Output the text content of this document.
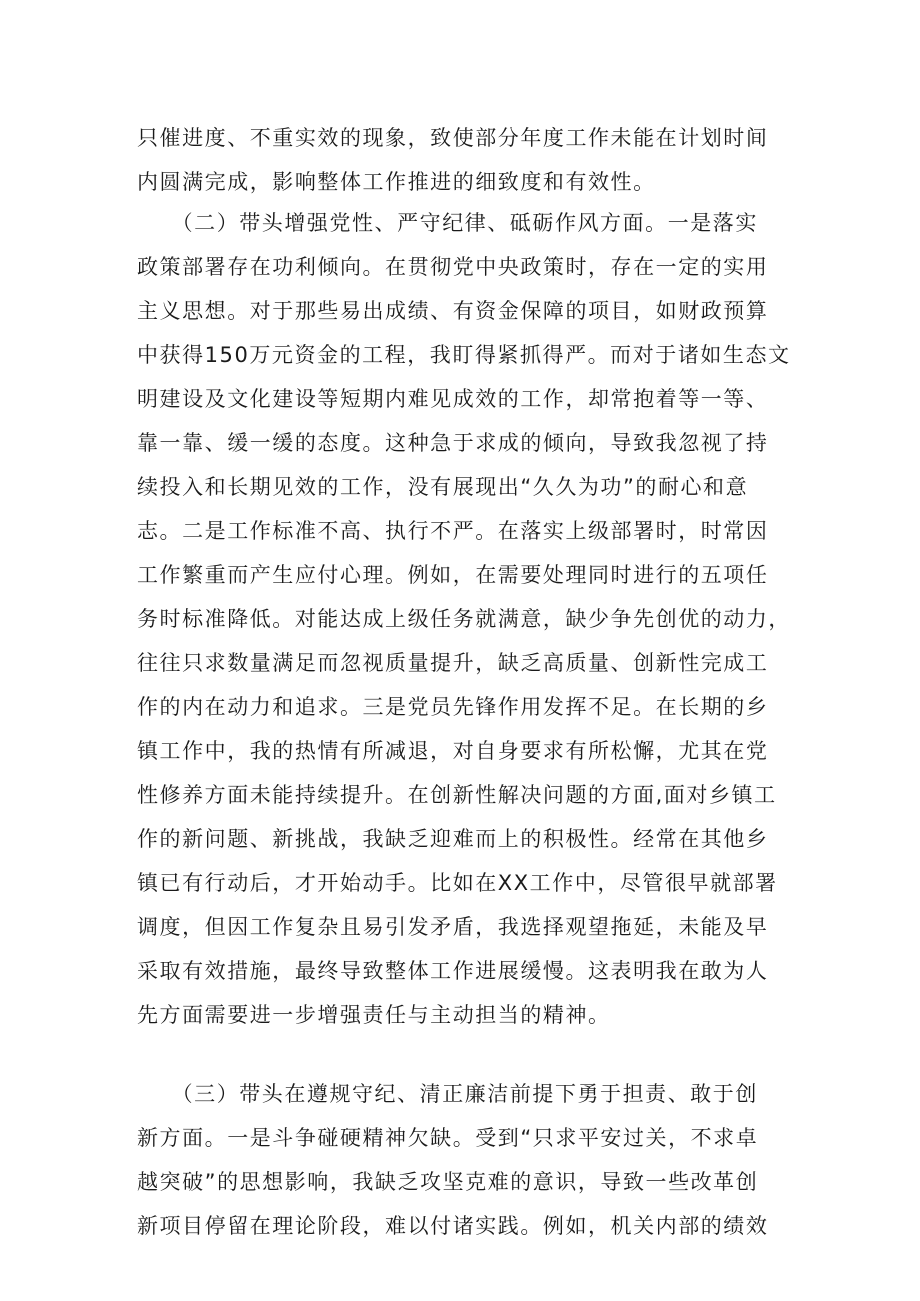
只催进度、不重实效的现象，致使部分年度工作未能在计划时间
内圆满完成，影响整体工作推进的细致度和有效性。
　　（二）带头增强党性、严守纪律、砥砺作风方面。一是落实
政策部署存在功利倾向。在贯彻党中央政策时，存在一定的实用
主义思想。对于那些易出成绩、有资金保障的项目，如财政预算
中获得150万元资金的工程，我盯得紧抓得严。而对于诸如生态文
明建设及文化建设等短期内难见成效的工作，却常抱着等一等、
靠一靠、缓一缓的态度。这种急于求成的倾向，导致我忽视了持
续投入和长期见效的工作，没有展现出“久久为功”的耐心和意
志。二是工作标准不高、执行不严。在落实上级部署时，时常因
工作繁重而产生应付心理。例如，在需要处理同时进行的五项任
务时标准降低。对能达成上级任务就满意，缺少争先创优的动力，
往往只求数量满足而忽视质量提升，缺乏高质量、创新性完成工
作的内在动力和追求。三是党员先锋作用发挥不足。在长期的乡
镇工作中，我的热情有所减退，对自身要求有所松懈，尤其在党
性修养方面未能持续提升。在创新性解决问题的方面,面对乡镇工
作的新问题、新挑战，我缺乏迎难而上的积极性。经常在其他乡
镇已有行动后，才开始动手。比如在XX工作中，尽管很早就部署
调度，但因工作复杂且易引发矛盾，我选择观望拖延，未能及早
采取有效措施，最终导致整体工作进展缓慢。这表明我在敢为人
先方面需要进一步增强责任与主动担当的精神。
　　（三）带头在遵规守纪、清正廉洁前提下勇于担责、敢于创
新方面。一是斗争碰硬精神欠缺。受到“只求平安过关，不求卓
越突破”的思想影响，我缺乏攻坚克难的意识，导致一些改革创
新项目停留在理论阶段，难以付诸实践。例如，机关内部的绩效
